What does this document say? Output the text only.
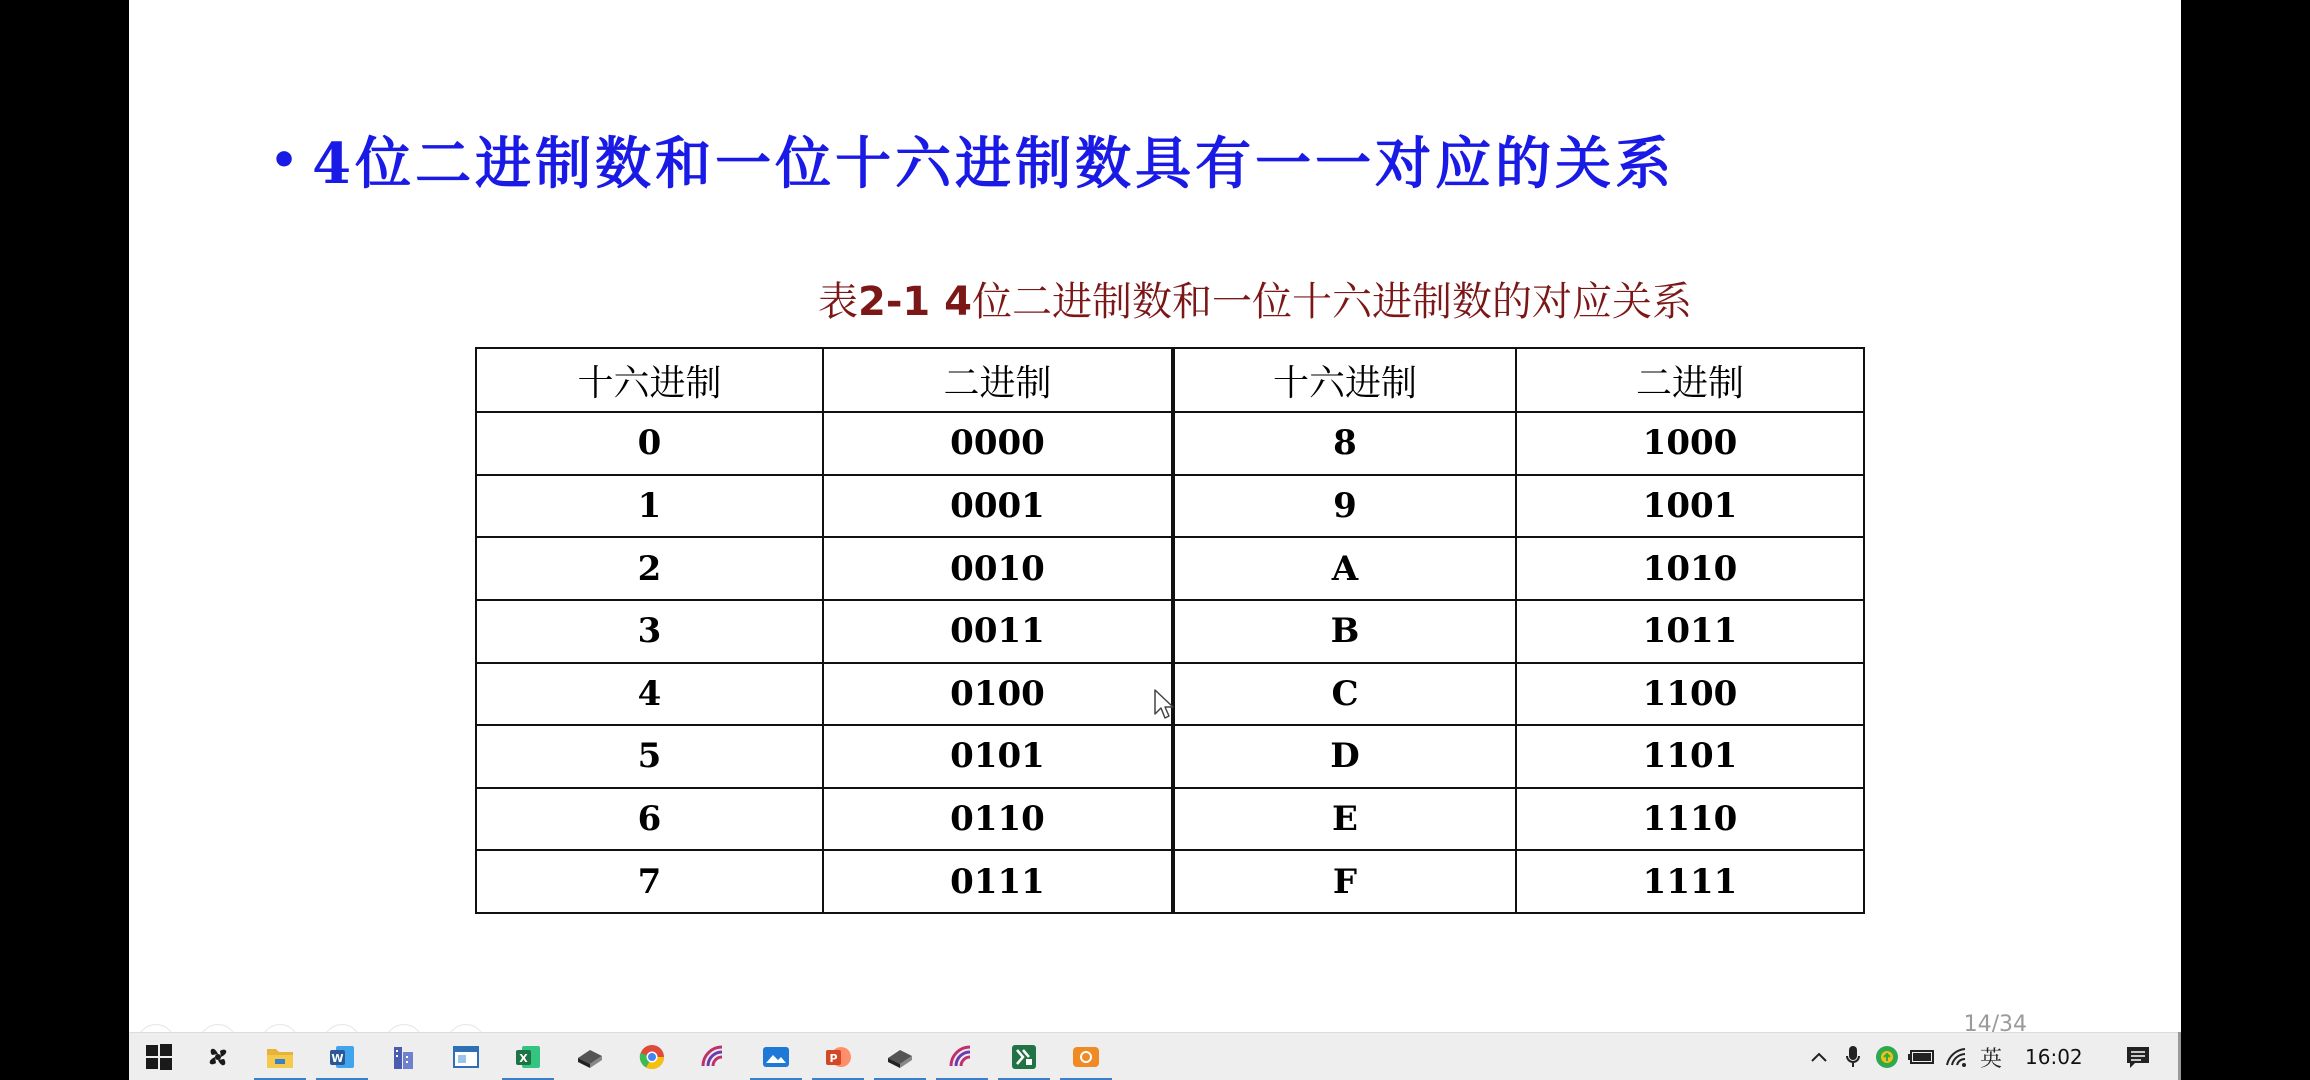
• 4位二进制数和一位十六进制数具有一一对应的关系
表2-1 4位二进制数和一位十六进制数的对应关系
十六进制	二进制	十六进制	二进制
0	0000	8	1000
1	0001	9	1001
2	0010	A	1010
3	0011	B	1011
4	0100	C	1100
5	0101	D	1101
6	0110	E	1110
7	0111	F	1111
14/34
W	X	P	英 16:02
